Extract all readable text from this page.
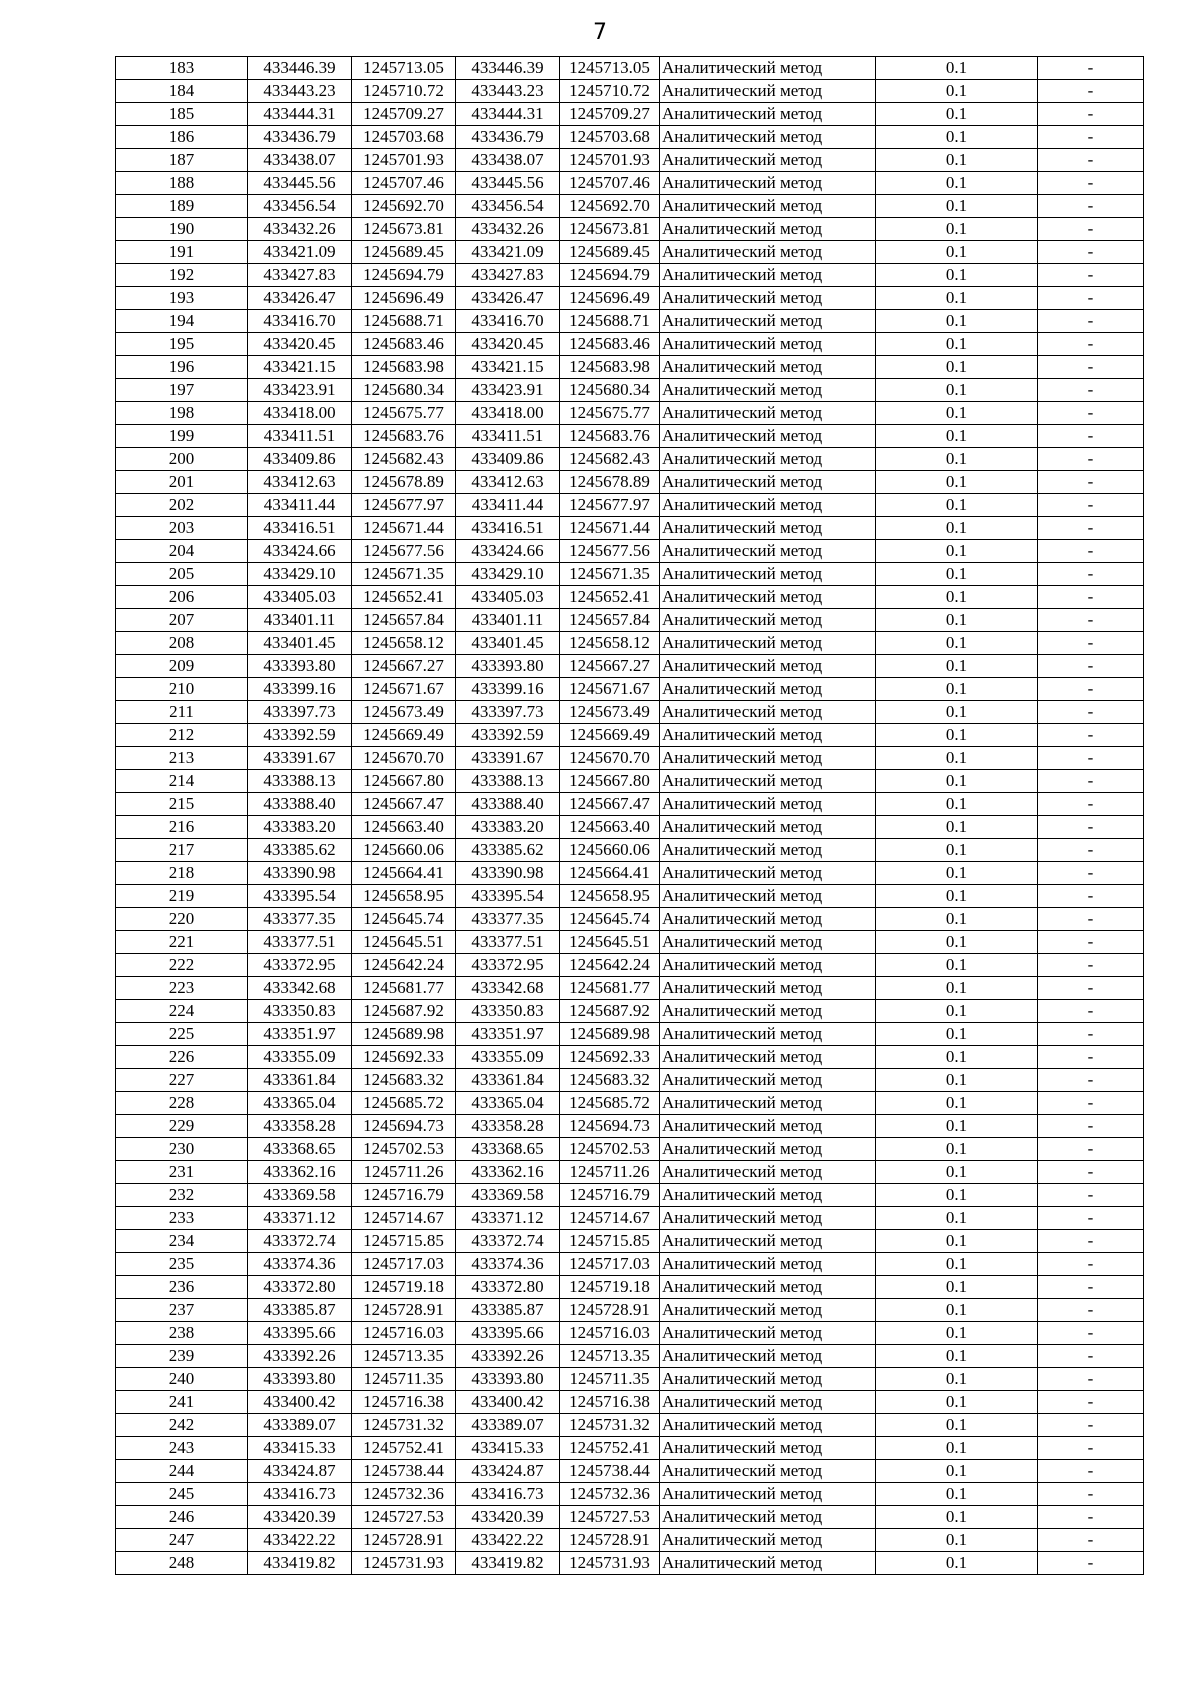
7
183	433446.39	1245713.05	433446.39	1245713.05	Аналитический метод	0.1	-
184	433443.23	1245710.72	433443.23	1245710.72	Аналитический метод	0.1	-
185	433444.31	1245709.27	433444.31	1245709.27	Аналитический метод	0.1	-
186	433436.79	1245703.68	433436.79	1245703.68	Аналитический метод	0.1	-
187	433438.07	1245701.93	433438.07	1245701.93	Аналитический метод	0.1	-
188	433445.56	1245707.46	433445.56	1245707.46	Аналитический метод	0.1	-
189	433456.54	1245692.70	433456.54	1245692.70	Аналитический метод	0.1	-
190	433432.26	1245673.81	433432.26	1245673.81	Аналитический метод	0.1	-
191	433421.09	1245689.45	433421.09	1245689.45	Аналитический метод	0.1	-
192	433427.83	1245694.79	433427.83	1245694.79	Аналитический метод	0.1	-
193	433426.47	1245696.49	433426.47	1245696.49	Аналитический метод	0.1	-
194	433416.70	1245688.71	433416.70	1245688.71	Аналитический метод	0.1	-
195	433420.45	1245683.46	433420.45	1245683.46	Аналитический метод	0.1	-
196	433421.15	1245683.98	433421.15	1245683.98	Аналитический метод	0.1	-
197	433423.91	1245680.34	433423.91	1245680.34	Аналитический метод	0.1	-
198	433418.00	1245675.77	433418.00	1245675.77	Аналитический метод	0.1	-
199	433411.51	1245683.76	433411.51	1245683.76	Аналитический метод	0.1	-
200	433409.86	1245682.43	433409.86	1245682.43	Аналитический метод	0.1	-
201	433412.63	1245678.89	433412.63	1245678.89	Аналитический метод	0.1	-
202	433411.44	1245677.97	433411.44	1245677.97	Аналитический метод	0.1	-
203	433416.51	1245671.44	433416.51	1245671.44	Аналитический метод	0.1	-
204	433424.66	1245677.56	433424.66	1245677.56	Аналитический метод	0.1	-
205	433429.10	1245671.35	433429.10	1245671.35	Аналитический метод	0.1	-
206	433405.03	1245652.41	433405.03	1245652.41	Аналитический метод	0.1	-
207	433401.11	1245657.84	433401.11	1245657.84	Аналитический метод	0.1	-
208	433401.45	1245658.12	433401.45	1245658.12	Аналитический метод	0.1	-
209	433393.80	1245667.27	433393.80	1245667.27	Аналитический метод	0.1	-
210	433399.16	1245671.67	433399.16	1245671.67	Аналитический метод	0.1	-
211	433397.73	1245673.49	433397.73	1245673.49	Аналитический метод	0.1	-
212	433392.59	1245669.49	433392.59	1245669.49	Аналитический метод	0.1	-
213	433391.67	1245670.70	433391.67	1245670.70	Аналитический метод	0.1	-
214	433388.13	1245667.80	433388.13	1245667.80	Аналитический метод	0.1	-
215	433388.40	1245667.47	433388.40	1245667.47	Аналитический метод	0.1	-
216	433383.20	1245663.40	433383.20	1245663.40	Аналитический метод	0.1	-
217	433385.62	1245660.06	433385.62	1245660.06	Аналитический метод	0.1	-
218	433390.98	1245664.41	433390.98	1245664.41	Аналитический метод	0.1	-
219	433395.54	1245658.95	433395.54	1245658.95	Аналитический метод	0.1	-
220	433377.35	1245645.74	433377.35	1245645.74	Аналитический метод	0.1	-
221	433377.51	1245645.51	433377.51	1245645.51	Аналитический метод	0.1	-
222	433372.95	1245642.24	433372.95	1245642.24	Аналитический метод	0.1	-
223	433342.68	1245681.77	433342.68	1245681.77	Аналитический метод	0.1	-
224	433350.83	1245687.92	433350.83	1245687.92	Аналитический метод	0.1	-
225	433351.97	1245689.98	433351.97	1245689.98	Аналитический метод	0.1	-
226	433355.09	1245692.33	433355.09	1245692.33	Аналитический метод	0.1	-
227	433361.84	1245683.32	433361.84	1245683.32	Аналитический метод	0.1	-
228	433365.04	1245685.72	433365.04	1245685.72	Аналитический метод	0.1	-
229	433358.28	1245694.73	433358.28	1245694.73	Аналитический метод	0.1	-
230	433368.65	1245702.53	433368.65	1245702.53	Аналитический метод	0.1	-
231	433362.16	1245711.26	433362.16	1245711.26	Аналитический метод	0.1	-
232	433369.58	1245716.79	433369.58	1245716.79	Аналитический метод	0.1	-
233	433371.12	1245714.67	433371.12	1245714.67	Аналитический метод	0.1	-
234	433372.74	1245715.85	433372.74	1245715.85	Аналитический метод	0.1	-
235	433374.36	1245717.03	433374.36	1245717.03	Аналитический метод	0.1	-
236	433372.80	1245719.18	433372.80	1245719.18	Аналитический метод	0.1	-
237	433385.87	1245728.91	433385.87	1245728.91	Аналитический метод	0.1	-
238	433395.66	1245716.03	433395.66	1245716.03	Аналитический метод	0.1	-
239	433392.26	1245713.35	433392.26	1245713.35	Аналитический метод	0.1	-
240	433393.80	1245711.35	433393.80	1245711.35	Аналитический метод	0.1	-
241	433400.42	1245716.38	433400.42	1245716.38	Аналитический метод	0.1	-
242	433389.07	1245731.32	433389.07	1245731.32	Аналитический метод	0.1	-
243	433415.33	1245752.41	433415.33	1245752.41	Аналитический метод	0.1	-
244	433424.87	1245738.44	433424.87	1245738.44	Аналитический метод	0.1	-
245	433416.73	1245732.36	433416.73	1245732.36	Аналитический метод	0.1	-
246	433420.39	1245727.53	433420.39	1245727.53	Аналитический метод	0.1	-
247	433422.22	1245728.91	433422.22	1245728.91	Аналитический метод	0.1	-
248	433419.82	1245731.93	433419.82	1245731.93	Аналитический метод	0.1	-
